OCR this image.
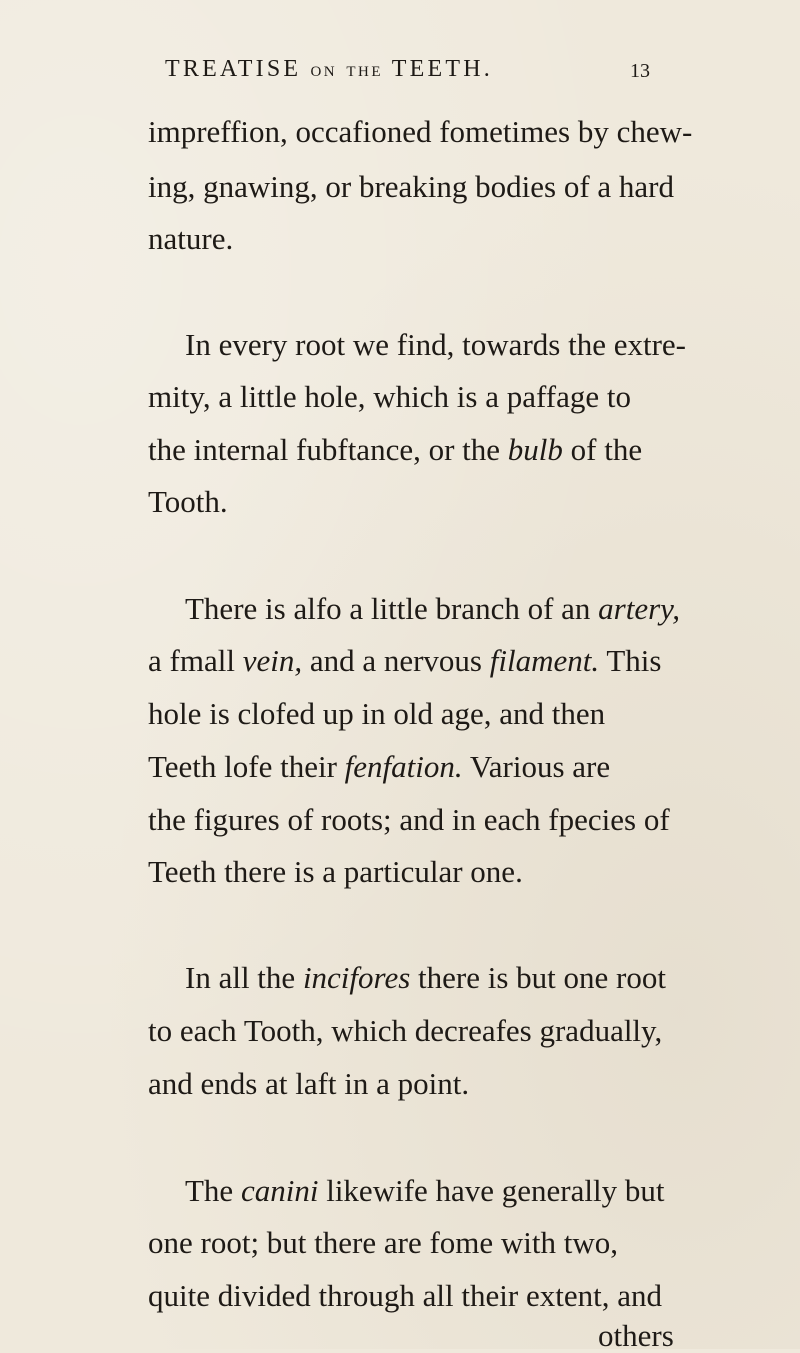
TREATISE ON THE TEETH.	13
impreffion, occafioned fometimes by chew-
ing, gnawing, or breaking bodies of a hard
nature.
In every root we find, towards the extre-
mity, a little hole, which is a paffage to
the internal fubftance, or the bulb of the
Tooth.
There is alfo a little branch of an artery,
a fmall vein, and a nervous filament. This
hole is clofed up in old age, and then
Teeth lofe their fenfation. Various are
the figures of roots; and in each fpecies of
Teeth there is a particular one.
In all the incifores there is but one root
to each Tooth, which decreafes gradually,
and ends at laft in a point.
The canini likewife have generally but
one root; but there are fome with two,
quite divided through all their extent, and
others
